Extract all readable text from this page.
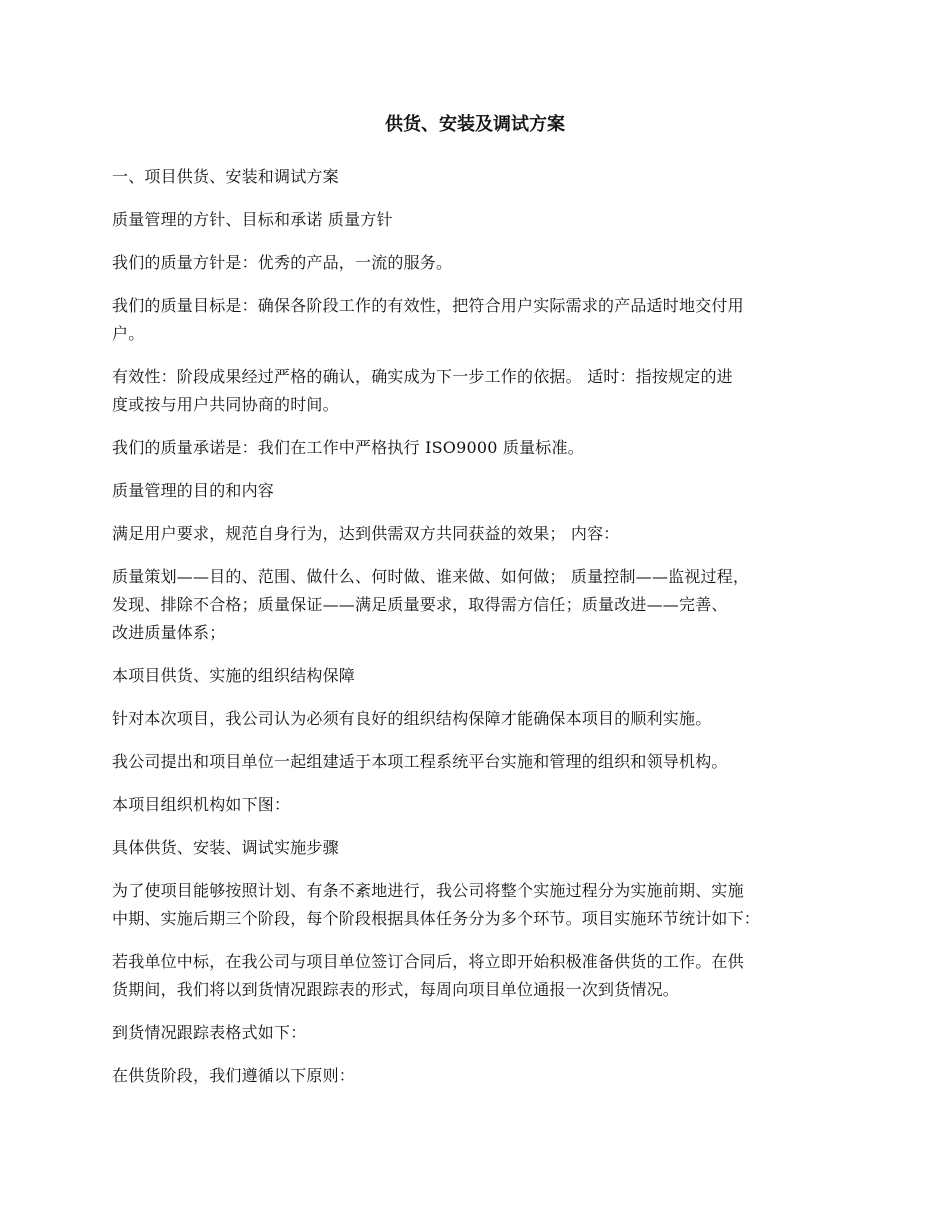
供货、安装及调试方案

一、项目供货、安装和调试方案

质量管理的方针、目标和承诺 质量方针

我们的质量方针是：优秀的产品，一流的服务。

我们的质量目标是：确保各阶段工作的有效性，把符合用户实际需求的产品适时地交付用
户。

有效性：阶段成果经过严格的确认，确实成为下一步工作的依据。 适时：指按规定的进
度或按与用户共同协商的时间。

我们的质量承诺是：我们在工作中严格执行 ISO9000 质量标准。

质量管理的目的和内容

满足用户要求，规范自身行为，达到供需双方共同获益的效果； 内容：

质量策划——目的、范围、做什么、何时做、谁来做、如何做； 质量控制——监视过程，
发现、排除不合格；质量保证——满足质量要求，取得需方信任；质量改进——完善、
改进质量体系；

本项目供货、实施的组织结构保障

针对本次项目，我公司认为必须有良好的组织结构保障才能确保本项目的顺利实施。

我公司提出和项目单位一起组建适于本项工程系统平台实施和管理的组织和领导机构。

本项目组织机构如下图：

具体供货、安装、调试实施步骤

为了使项目能够按照计划、有条不紊地进行，我公司将整个实施过程分为实施前期、实施
中期、实施后期三个阶段，每个阶段根据具体任务分为多个环节。项目实施环节统计如下：

若我单位中标，在我公司与项目单位签订合同后，将立即开始积极准备供货的工作。在供
货期间，我们将以到货情况跟踪表的形式，每周向项目单位通报一次到货情况。

到货情况跟踪表格式如下：

在供货阶段，我们遵循以下原则：
